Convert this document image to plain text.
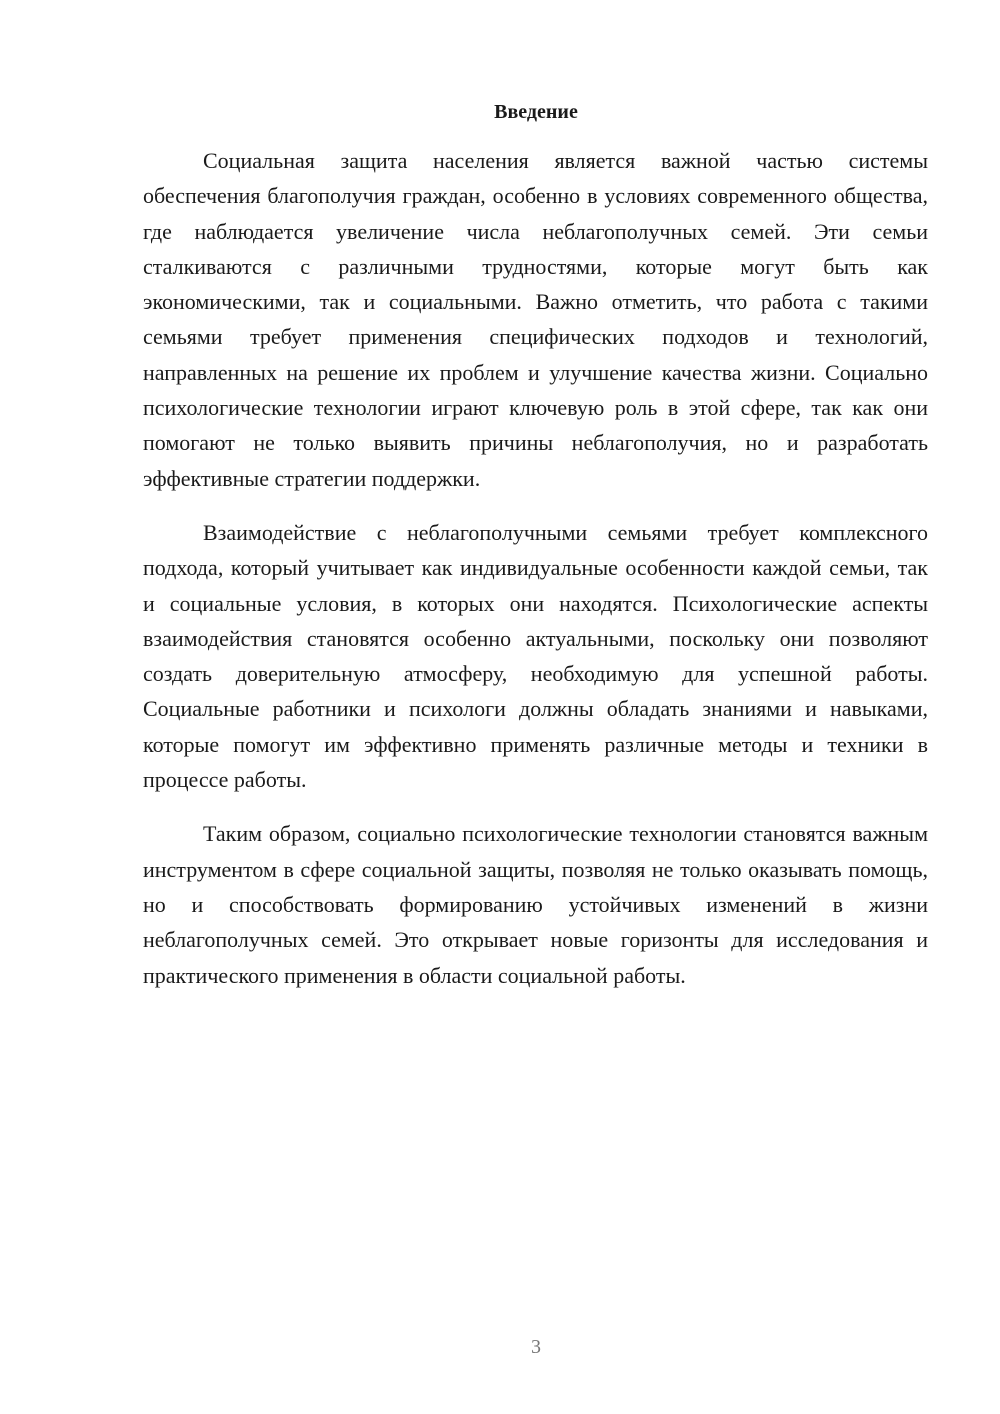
Введение

Социальная защита населения является важной частью системы обеспечения благополучия граждан, особенно в условиях современного общества, где наблюдается увеличение числа неблагополучных семей. Эти семьи сталкиваются с различными трудностями, которые могут быть как экономическими, так и социальными. Важно отметить, что работа с такими семьями требует применения специфических подходов и технологий, направленных на решение их проблем и улучшение качества жизни. Социально психологические технологии играют ключевую роль в этой сфере, так как они помогают не только выявить причины неблагополучия, но и разработать эффективные стратегии поддержки.

Взаимодействие с неблагополучными семьями требует комплексного подхода, который учитывает как индивидуальные особенности каждой семьи, так и социальные условия, в которых они находятся. Психологические аспекты взаимодействия становятся особенно актуальными, поскольку они позволяют создать доверительную атмосферу, необходимую для успешной работы. Социальные работники и психологи должны обладать знаниями и навыками, которые помогут им эффективно применять различные методы и техники в процессе работы.

Таким образом, социально психологические технологии становятся важным инструментом в сфере социальной защиты, позволяя не только оказывать помощь, но и способствовать формированию устойчивых изменений в жизни неблагополучных семей. Это открывает новые горизонты для исследования и практического применения в области социальной работы.

3
